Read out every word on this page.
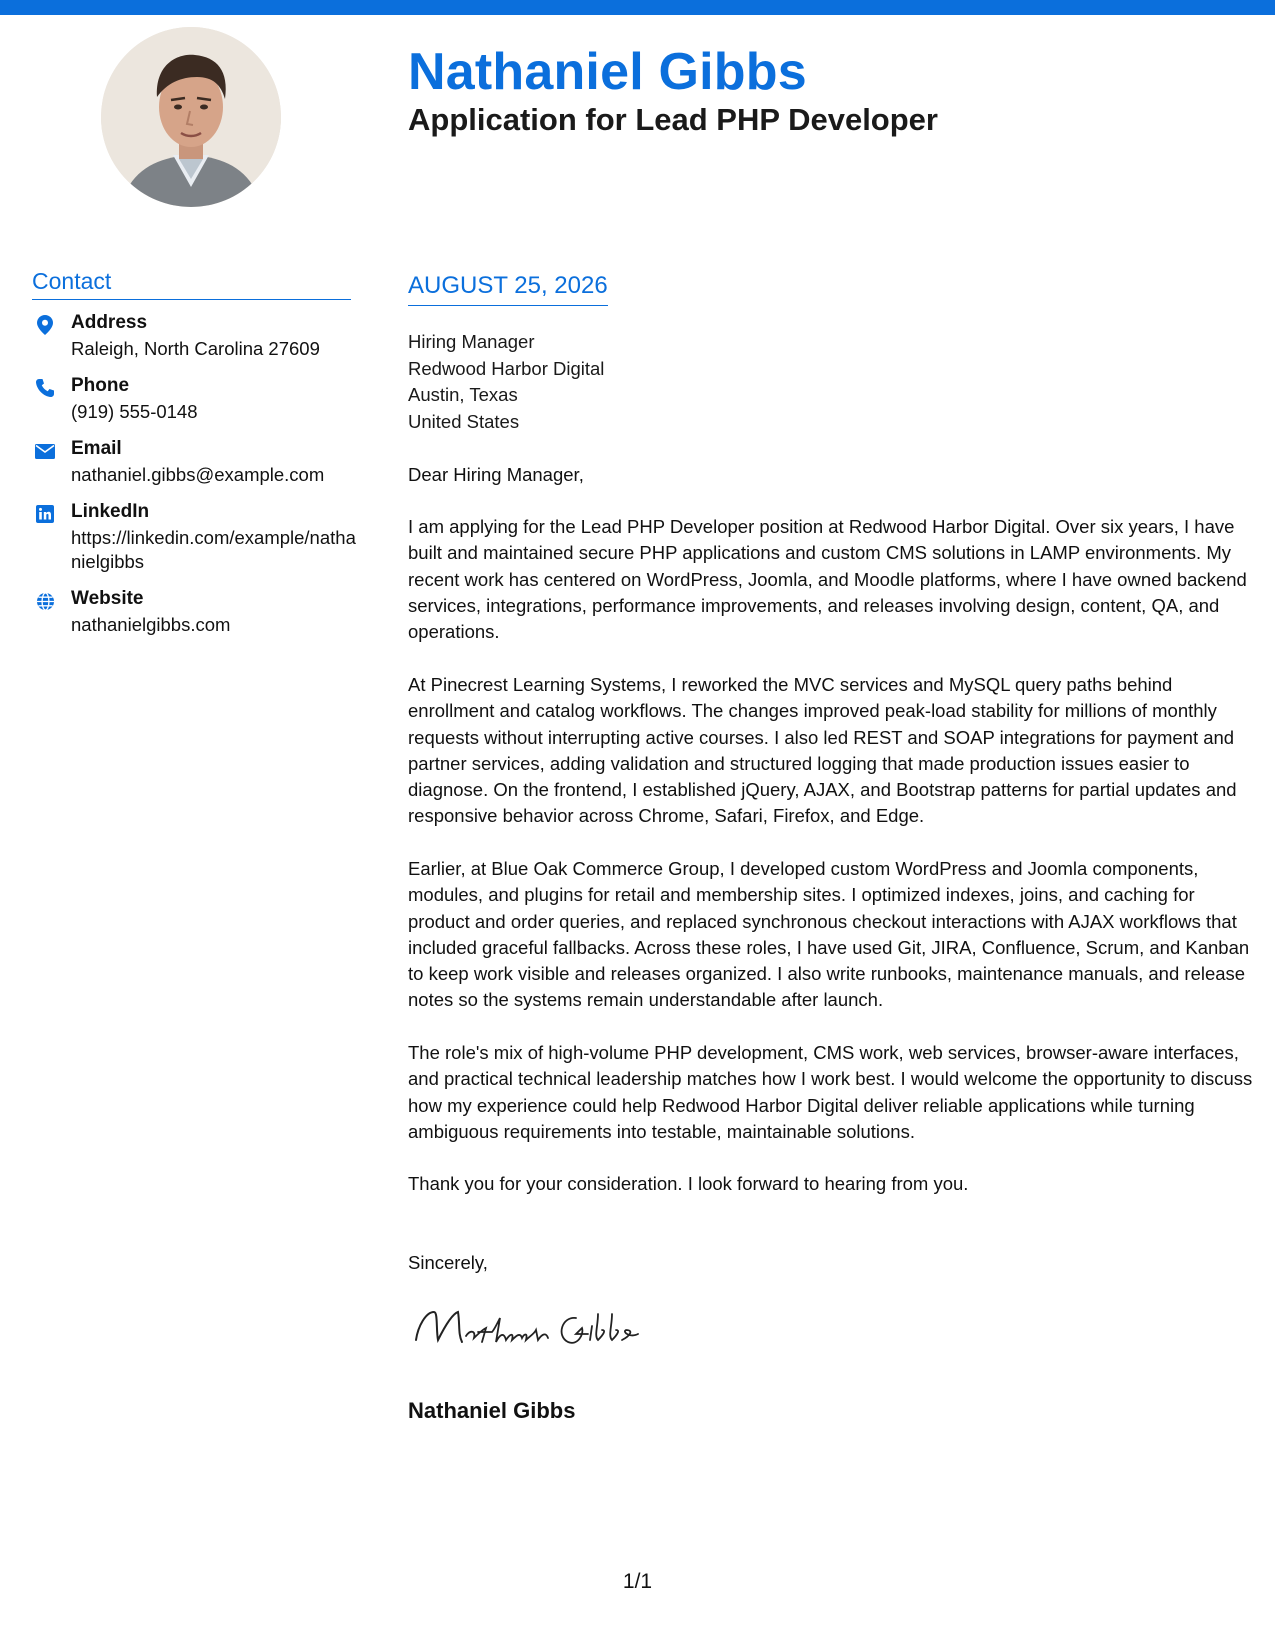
Nathaniel Gibbs
Application for Lead PHP Developer
Contact
Address
Raleigh, North Carolina 27609
Phone
(919) 555-0148
Email
nathaniel.gibbs@example.com
LinkedIn
https://linkedin.com/example/nathanielgibbs
Website
nathanielgibbs.com
AUGUST 25, 2026
Hiring Manager
Redwood Harbor Digital
Austin, Texas
United States

Dear Hiring Manager,

I am applying for the Lead PHP Developer position at Redwood Harbor Digital. Over six years, I have built and maintained secure PHP applications and custom CMS solutions in LAMP environments. My recent work has centered on WordPress, Joomla, and Moodle platforms, where I have owned backend services, integrations, performance improvements, and releases involving design, content, QA, and operations.

At Pinecrest Learning Systems, I reworked the MVC services and MySQL query paths behind enrollment and catalog workflows. The changes improved peak-load stability for millions of monthly requests without interrupting active courses. I also led REST and SOAP integrations for payment and partner services, adding validation and structured logging that made production issues easier to diagnose. On the frontend, I established jQuery, AJAX, and Bootstrap patterns for partial updates and responsive behavior across Chrome, Safari, Firefox, and Edge.

Earlier, at Blue Oak Commerce Group, I developed custom WordPress and Joomla components, modules, and plugins for retail and membership sites. I optimized indexes, joins, and caching for product and order queries, and replaced synchronous checkout interactions with AJAX workflows that included graceful fallbacks. Across these roles, I have used Git, JIRA, Confluence, Scrum, and Kanban to keep work visible and releases organized. I also write runbooks, maintenance manuals, and release notes so the systems remain understandable after launch.

The role's mix of high-volume PHP development, CMS work, web services, browser-aware interfaces, and practical technical leadership matches how I work best. I would welcome the opportunity to discuss how my experience could help Redwood Harbor Digital deliver reliable applications while turning ambiguous requirements into testable, maintainable solutions.

Thank you for your consideration. I look forward to hearing from you.

Sincerely,

Nathaniel Gibbs
1/1
